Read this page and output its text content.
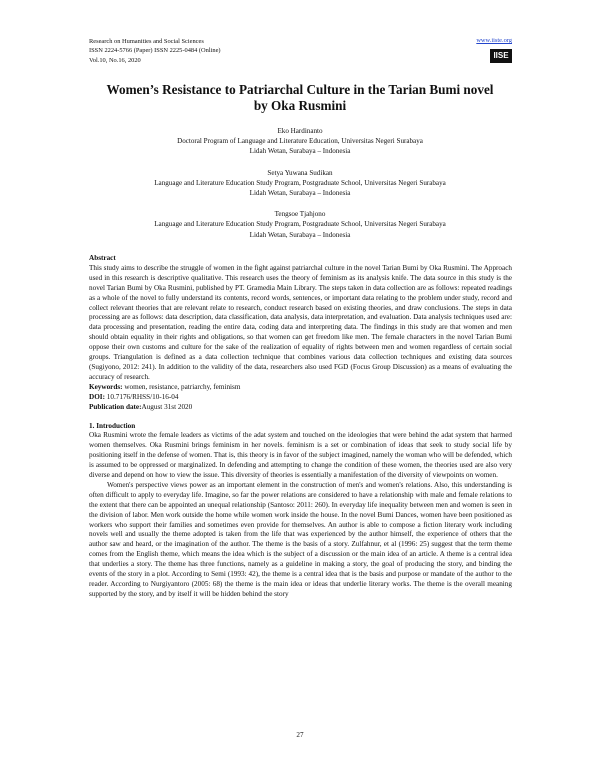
Research on Humanities and Social Sciences
ISSN 2224-5766 (Paper) ISSN 2225-0484 (Online)
Vol.10, No.16, 2020
www.iiste.org
IISE
Women’s Resistance to Patriarchal Culture in the Tarian Bumi novel by Oka Rusmini
Eko Hardinanto
Doctoral Program of Language and Literature Education, Universitas Negeri Surabaya
Lidah Wetan, Surabaya – Indonesia
Setya Yuwana Sudikan
Language and Literature Education Study Program, Postgraduate School, Universitas Negeri Surabaya
Lidah Wetan, Surabaya – Indonesia
Tengsoe Tjahjono
Language and Literature Education Study Program, Postgraduate School, Universitas Negeri Surabaya
Lidah Wetan, Surabaya – Indonesia
Abstract

This study aims to describe the struggle of women in the fight against patriarchal culture in the novel Tarian Bumi by Oka Rusmini. The Approach used in this research is descriptive qualitative. This research uses the theory of feminism as its analysis knife. The data source in this study is the novel Tarian Bumi by Oka Rusmini, published by PT. Gramedia Main Library. The steps taken in data collection are as follows: repeated readings as a whole of the novel to fully understand its contents, record words, sentences, or important data relating to the problem under study, record and collect relevant theories that are relevant relate to research, conduct research based on existing theories, and draw conclusions. The steps in data processing are as follows: data description, data classification, data analysis, data interpretation, and evaluation. Data analysis techniques used are: data processing and presentation, reading the entire data, coding data and interpreting data. The findings in this study are that women and men should obtain equality in their rights and obligations, so that women can get freedom like men. The female characters in the novel Tarian Bumi oppose their own customs and culture for the sake of the realization of equality of rights between men and women regardless of certain social groups. Triangulation is defined as a data collection technique that combines various data collection techniques and existing data sources (Sugiyono, 2012: 241). In addition to the validity of the data, researchers also used FGD (Focus Group Discussion) as a means of evaluating the accuracy of research.

Keywords: women, resistance, patriarchy, feminism
DOI: 10.7176/RHSS/10-16-04
Publication date:August 31st 2020
1. Introduction

Oka Rusmini wrote the female leaders as victims of the adat system and touched on the ideologies that were behind the adat system that harmed women themselves. Oka Rusmini brings feminism in her novels. feminism is a set or combination of ideas that seek to study social life by positioning itself in the defense of women. That is, this theory is in favor of the subject imagined, namely the woman who will be defended, which is assumed to be oppressed or marginalized. In defending and attempting to change the condition of these women, the theories used are also very diverse and depend on how to view the issue. This diversity of theories is essentially a manifestation of the diversity of viewpoints on women.

Women's perspective views power as an important element in the construction of men's and women's relations. Also, this understanding is often difficult to apply to everyday life. Imagine, so far the power relations are considered to have a relationship with male and female relations to the extent that there can be appointed an unequal relationship (Santoso: 2011: 260). In everyday life inequality between men and women is seen in the division of labor. Men work outside the home while women work inside the house. In the novel Bumi Dances, women have been positioned as workers who support their families and sometimes even provide for themselves. An author is able to compose a fiction literary work including novels well and usually the theme adopted is taken from the life that was experienced by the author himself, the experience of others that the author saw and heard, or the imagination of the author. The theme is the basis of a story. Zulfahnur, et al (1996: 25) suggest that the term theme comes from the English theme, which means the idea which is the subject of a discussion or the main idea of an article. A theme is a central idea that underlies a story. The theme has three functions, namely as a guideline in making a story, the goal of producing the story, and binding the events of the story in a plot. According to Semi (1993: 42), the theme is a central idea that is the basis and purpose or mandate of the author to the reader. According to Nurgiyantoro (2005: 68) the theme is the main idea or ideas that underlie literary works. The theme is the overall meaning supported by the story, and by itself it will be hidden behind the story

27
